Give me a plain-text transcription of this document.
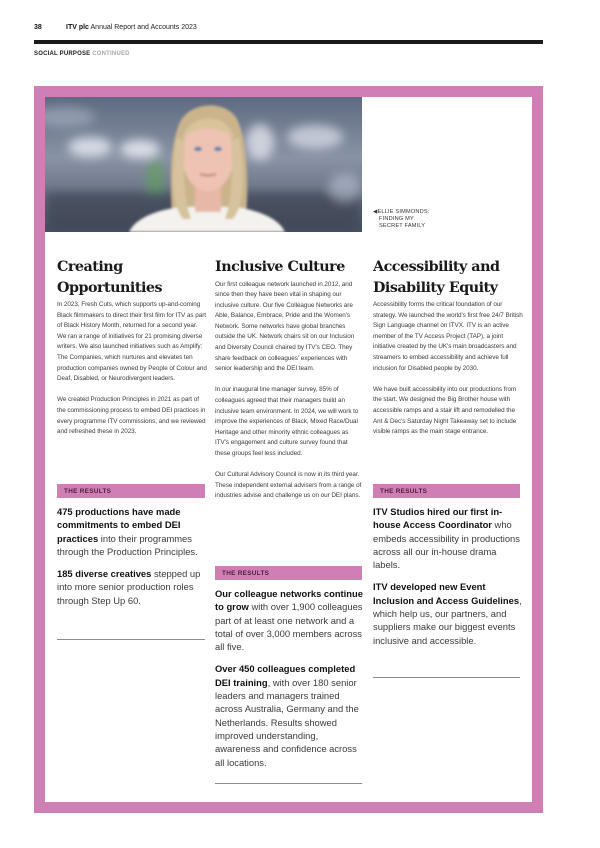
38	ITV plc Annual Report and Accounts 2023
SOCIAL PURPOSE CONTINUED
◀ELLIE SIMMONDS:
FINDING MY
SECRET FAMILY
Creating
Opportunities

In 2023, Fresh Cuts, which supports up-and-coming Black filmmakers to direct their first film for ITV as part of Black History Month, returned for a second year. We ran a range of initiatives for 21 promising diverse writers. We also launched initiatives such as Amplify: The Companies, which nurtures and elevates ten production companies owned by People of Colour and Deaf, Disabled, or Neurodivergent leaders.

We created Production Principles in 2021 as part of the commissioning process to embed DEI practices in every programme ITV commissions, and we reviewed and refreshed these in 2023.

THE RESULTS

475 productions have made commitments to embed DEI practices into their programmes through the Production Principles.

185 diverse creatives stepped up into more senior production roles through Step Up 60.

Inclusive Culture

Our first colleague network launched in 2012, and since then they have been vital in shaping our inclusive culture. Our five Colleague Networks are Able, Balance, Embrace, Pride and the Women's Network. Some networks have global branches outside the UK. Network chairs sit on our Inclusion and Diversity Council chaired by ITV's CEO. They share feedback on colleagues' experiences with senior leadership and the DEI team.

In our inaugural line manager survey, 85% of colleagues agreed that their managers build an inclusive team environment. In 2024, we will work to improve the experiences of Black, Mixed Race/Dual Heritage and other minority ethnic colleagues as ITV's engagement and culture survey found that these groups feel less included.

Our Cultural Advisory Council is now in its third year. These independent external advisers from a range of industries advise and challenge us on our DEI plans.

THE RESULTS

Our colleague networks continue to grow with over 1,900 colleagues part of at least one network and a total of over 3,000 members across all five.

Over 450 colleagues completed DEI training, with over 180 senior leaders and managers trained across Australia, Germany and the Netherlands. Results showed improved understanding, awareness and confidence across all locations.

Accessibility and
Disability Equity

Accessibility forms the critical foundation of our strategy. We launched the world's first free 24/7 British Sign Language channel on ITVX. ITV is an active member of the TV Access Project (TAP), a joint initiative created by the UK's main broadcasters and streamers to embed accessibility and achieve full inclusion for Disabled people by 2030.

We have built accessibility into our productions from the start. We designed the Big Brother house with accessible ramps and a stair lift and remodelled the Ant & Dec's Saturday Night Takeaway set to include visible ramps as the main stage entrance.

THE RESULTS

ITV Studios hired our first in-house Access Coordinator who embeds accessibility in productions across all our in-house drama labels.

ITV developed new Event Inclusion and Access Guidelines, which help us, our partners, and suppliers make our biggest events inclusive and accessible.
